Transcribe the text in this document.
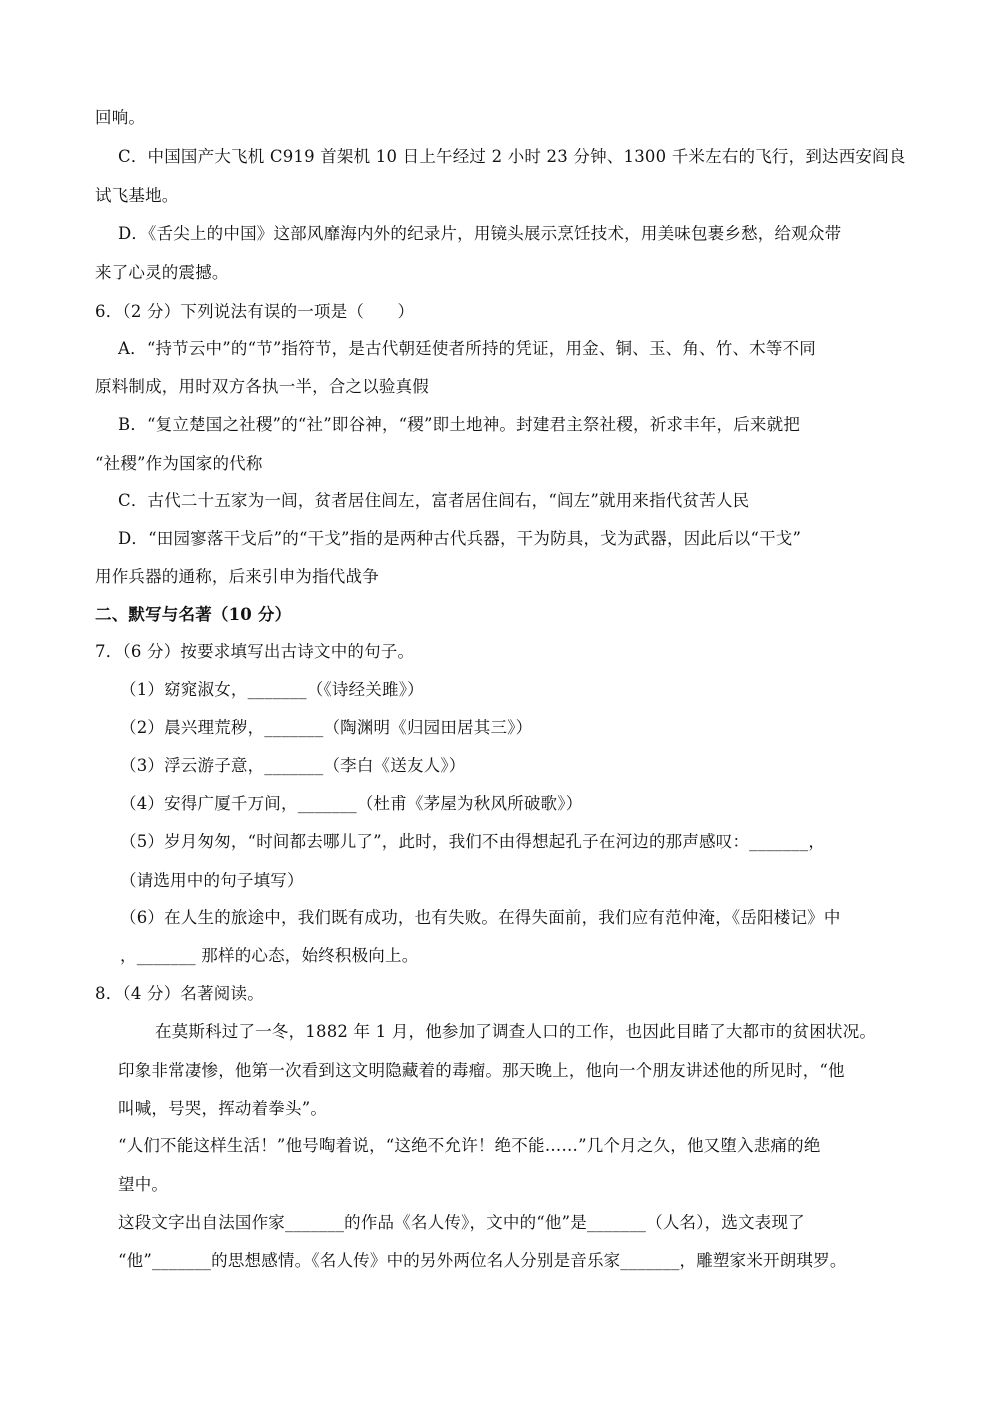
回响。
C．中国国产大飞机 C919 首架机 10 日上午经过 2 小时 23 分钟、1300 千米左右的飞行，到达西安阎良
试飞基地。
D．《舌尖上的中国》这部风靡海内外的纪录片，用镜头展示烹饪技术，用美味包裹乡愁，给观众带
来了心灵的震撼。
6．（2 分）下列说法有误的一项是（　　）
A．“持节云中”的“节”指符节，是古代朝廷使者所持的凭证，用金、铜、玉、角、竹、木等不同
原料制成，用时双方各执一半，合之以验真假
B．“复立楚国之社稷”的“社”即谷神，“稷”即土地神。封建君主祭社稷，祈求丰年，后来就把
“社稷”作为国家的代称
C．古代二十五家为一闾，贫者居住闾左，富者居住闾右，“闾左”就用来指代贫苦人民
D．“田园寥落干戈后”的“干戈”指的是两种古代兵器，干为防具，戈为武器，因此后以“干戈”
用作兵器的通称，后来引申为指代战争
二、默写与名著（10 分）
7．（6 分）按要求填写出古诗文中的句子。
（1）窈窕淑女，_______（《诗经关雎》）
（2）晨兴理荒秽，_______（陶渊明《归园田居其三》）
（3）浮云游子意，_______（李白《送友人》）
（4）安得广厦千万间，_______（杜甫《茅屋为秋风所破歌》）
（5）岁月匆匆，“时间都去哪儿了”，此时，我们不由得想起孔子在河边的那声感叹：_______，
（请选用中的句子填写）
（6）在人生的旅途中，我们既有成功，也有失败。在得失面前，我们应有范仲淹，《岳阳楼记》中
，_______ 那样的心态，始终积极向上。
8．（4 分）名著阅读。
在莫斯科过了一冬，1882 年 1 月，他参加了调查人口的工作，也因此目睹了大都市的贫困状况。
印象非常凄惨，他第一次看到这文明隐藏着的毒瘤。那天晚上，他向一个朋友讲述他的所见时，“他
叫喊，号哭，挥动着拳头”。
“人们不能这样生活！”他号啕着说，“这绝不允许！绝不能……”几个月之久，他又堕入悲痛的绝
望中。
这段文字出自法国作家_______的作品《名人传》，文中的“他”是_______（人名），选文表现了
“他”_______的思想感情。《名人传》中的另外两位名人分别是音乐家_______，雕塑家米开朗琪罗。
